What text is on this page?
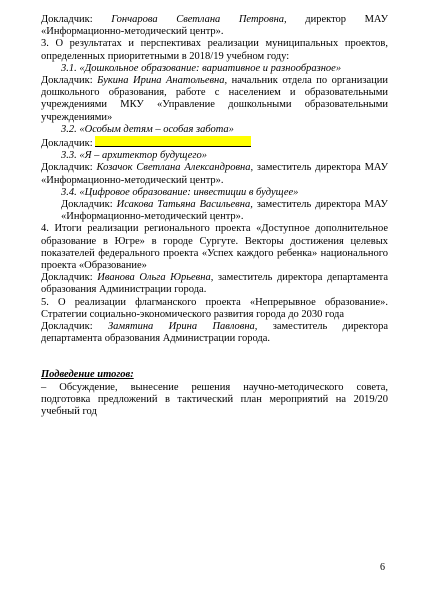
Докладчик: Гончарова Светлана Петровна, директор МАУ «Информационно-методический центр».

3. О результатах и перспективах реализации муниципальных проектов, определенных приоритетными в 2018/19 учебном году:

3.1. «Дошкольное образование: вариативное и разнообразное»

Докладчик: Букина Ирина Анатольевна, начальник отдела по организации дошкольного образования, работе с населением и образовательными учреждениями МКУ «Управление дошкольными образовательными учреждениями»

3.2. «Особым детям – особая забота»

Докладчик:

3.3. «Я – архитектор будущего»

Докладчик: Козачок Светлана Александровна, заместитель директора МАУ «Информационно-методический центр».

3.4. «Цифровое образование: инвестиции в будущее»

Докладчик: Исакова Татьяна Васильевна, заместитель директора МАУ «Информационно-методический центр».

4. Итоги реализации регионального проекта «Доступное дополнительное образование в Югре» в городе Сургуте. Векторы достижения целевых показателей федерального проекта «Успех каждого ребенка» национального проекта «Образование»

Докладчик: Иванова Ольга Юрьевна, заместитель директора департамента образования Администрации города.

5. О реализации флагманского проекта «Непрерывное образование». Стратегии социально-экономического развития города до 2030 года

Докладчик: Замятина Ирина Павловна, заместитель директора департамента образования Администрации города.

Подведение итогов:

– Обсуждение, вынесение решения научно-методического совета, подготовка предложений в тактический план мероприятий на 2019/20 учебный год

6
